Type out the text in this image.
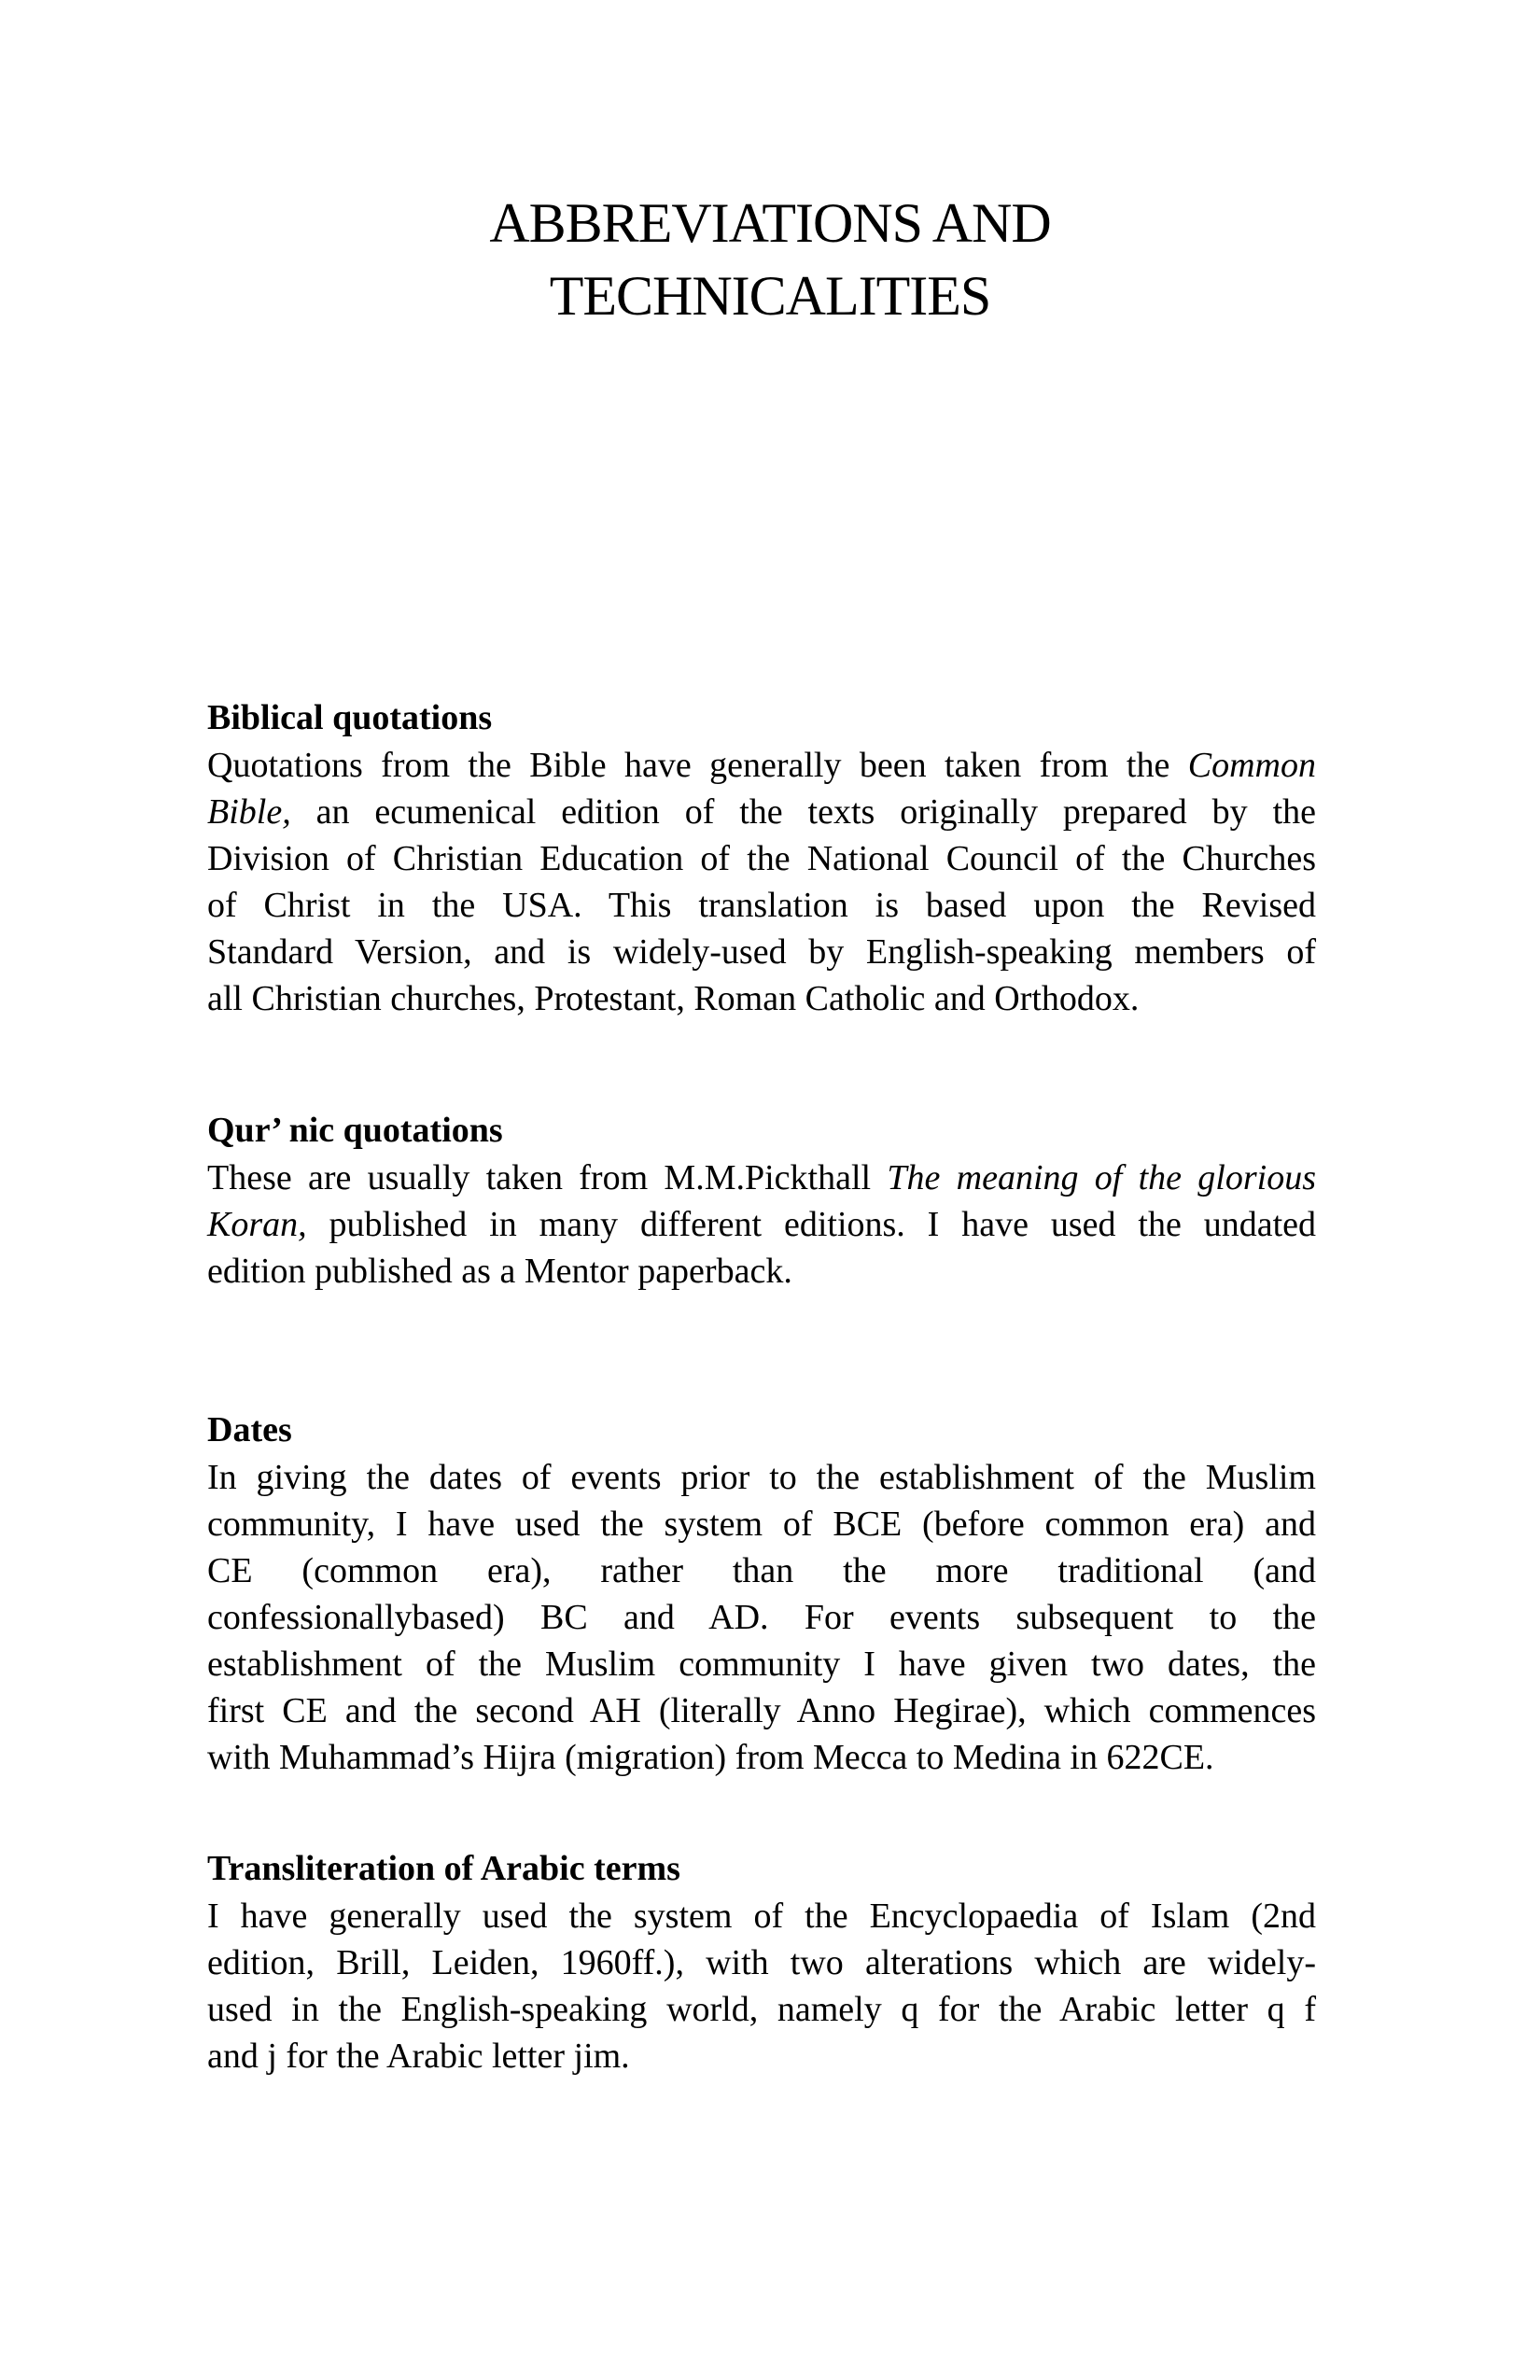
ABBREVIATIONS AND
TECHNICALITIES
Biblical quotations

Quotations from the Bible have generally been taken from the Common
Bible, an ecumenical edition of the texts originally prepared by the
Division of Christian Education of the National Council of the Churches
of Christ in the USA. This translation is based upon the Revised
Standard Version, and is widely-used by English-speaking members of
all Christian churches, Protestant, Roman Catholic and Orthodox.

Qur’ nic quotations

These are usually taken from M.M.Pickthall The meaning of the glorious
Koran, published in many different editions. I have used the undated
edition published as a Mentor paperback.

Dates

In giving the dates of events prior to the establishment of the Muslim
community, I have used the system of BCE (before common era) and
CE (common era), rather than the more traditional (and
confessionallybased) BC and AD. For events subsequent to the
establishment of the Muslim community I have given two dates, the
first CE and the second AH (literally Anno Hegirae), which commences
with Muhammad’s Hijra (migration) from Mecca to Medina in 622CE.

Transliteration of Arabic terms

I have generally used the system of the Encyclopaedia of Islam (2nd
edition, Brill, Leiden, 1960ff.), with two alterations which are widely-
used in the English-speaking world, namely q for the Arabic letter q f
and j for the Arabic letter jim.
